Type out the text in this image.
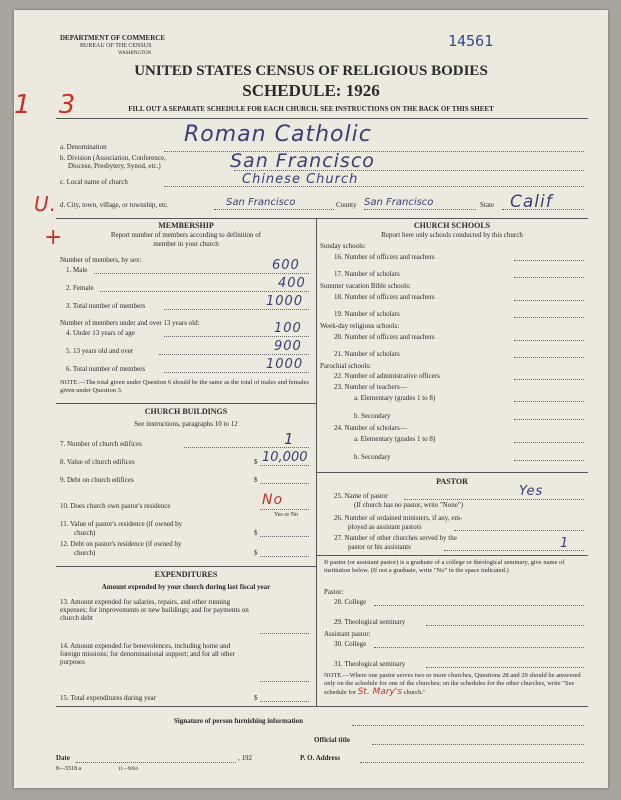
DEPARTMENT OF COMMERCE
BUREAU OF THE CENSUS
WASHINGTON
14561
UNITED STATES CENSUS OF RELIGIOUS BODIES
SCHEDULE: 1926
FILL OUT A SEPARATE SCHEDULE FOR EACH CHURCH. SEE INSTRUCTIONS ON THE BACK OF THIS SHEET
1 3
a. Denomination	Roman Catholic
b. Division (Association, Conference,
Diocese, Presbytery, Synod, etc.)	San Francisco
c. Local name of church	Chinese Church
d. City, town, village, or township, etc.	San Francisco	County San Francisco	State Calif
U.
+	MEMBERSHIP
Report number of members according to definition of
member in your church
Number of members, by sex:
1. Male	600
2. Female	400
3. Total number of members	1000
Number of members under and over 13 years old:
4. Under 13 years of age	100
5. 13 years old and over	900
6. Total number of members	1000
NOTE.—The total given under Question 6 should be the same as the total of males and females given under Question 3.
CHURCH BUILDINGS
See instructions, paragraphs 10 to 12
7. Number of church edifices	1
8. Value of church edifices	$ 10,000
9. Debt on church edifices	$
10. Does church own pastor's residence	No
Yes or No
11. Value of pastor's residence (if owned by
church)	$
12. Debt on pastor's residence (if owned by
church)	$
EXPENDITURES
Amount expended by your church during last fiscal year
13. Amount expended for salaries, repairs, and other running expenses; for improvements or new buildings; and for payments on church debt
14. Amount expended for benevolences, including home and foreign missions; for denominational support; and for all other purposes
15. Total expenditures during year	$
CHURCH SCHOOLS
Report here only schools conducted by this church
Sunday schools:
16. Number of officers and teachers
17. Number of scholars
Summer vacation Bible schools:
18. Number of officers and teachers
19. Number of scholars
Week-day religious schools:
20. Number of officers and teachers
21. Number of scholars
Parochial schools:
22. Number of administrative officers
23. Number of teachers—
a. Elementary (grades 1 to 8)
b. Secondary
24. Number of scholars—
a. Elementary (grades 1 to 8)
b. Secondary
PASTOR
25. Name of pastor	Yes
(If church has no pastor, write "None")
26. Number of ordained ministers, if any, em-
ployed as assistant pastors
27. Number of other churches served by the
pastor or his assistants	1
If pastor (or assistant pastor) is a graduate of a college or theological seminary, give name of institution below. (If not a graduate, write "No" in the space indicated.)
Pastor:
28. College
29. Theological seminary
Assistant pastor:
30. College
31. Theological seminary
NOTE.—Where one pastor serves two or more churches, Questions 28 and 29 should be answered only on the schedule for one of the churches; on the schedules for the other churches, write "See schedule for St. Mary's church."
Signature of person furnishing information
Official title
Date	, 192	P. O. Address
8—5518 a	11—9064
